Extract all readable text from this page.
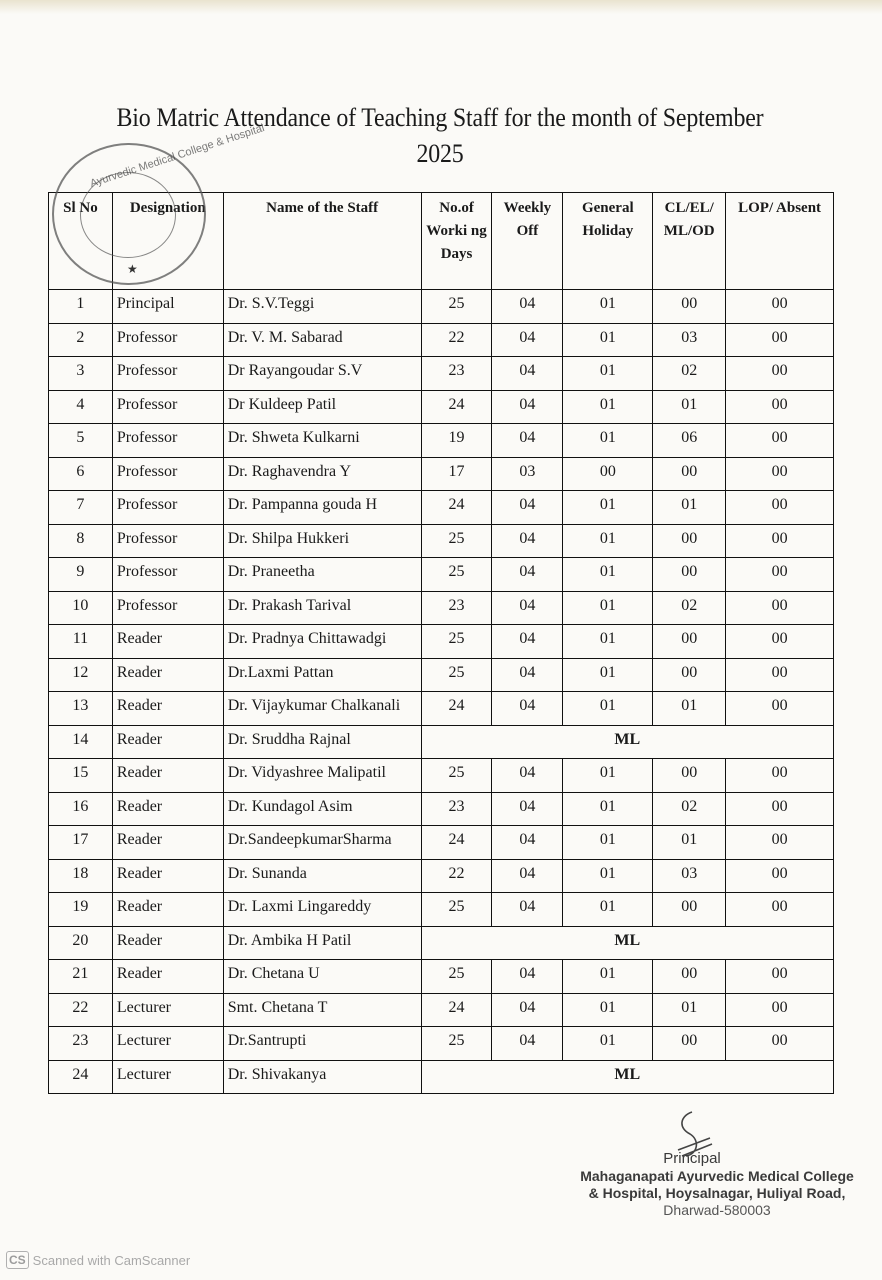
Bio Matric Attendance of Teaching Staff for the month of September
2025
Sl No	Designation	Name of the Staff	No.of Worki ng Days	Weekly Off	General Holiday	CL/EL/ ML/OD	LOP/ Absent
1	Principal	Dr. S.V.Teggi	25	04	01	00	00
2	Professor	Dr. V. M. Sabarad	22	04	01	03	00
3	Professor	Dr Rayangoudar S.V	23	04	01	02	00
4	Professor	Dr Kuldeep Patil	24	04	01	01	00
5	Professor	Dr. Shweta Kulkarni	19	04	01	06	00
6	Professor	Dr. Raghavendra Y	17	03	00	00	00
7	Professor	Dr. Pampanna gouda H	24	04	01	01	00
8	Professor	Dr. Shilpa Hukkeri	25	04	01	00	00
9	Professor	Dr. Praneetha	25	04	01	00	00
10	Professor	Dr. Prakash Tarival	23	04	01	02	00
11	Reader	Dr. Pradnya Chittawadgi	25	04	01	00	00
12	Reader	Dr.Laxmi Pattan	25	04	01	00	00
13	Reader	Dr. Vijaykumar Chalkanali	24	04	01	01	00
14	Reader	Dr. Sruddha Rajnal	ML				
15	Reader	Dr. Vidyashree Malipatil	25	04	01	00	00
16	Reader	Dr. Kundagol Asim	23	04	01	02	00
17	Reader	Dr.SandeepkumarSharma	24	04	01	01	00
18	Reader	Dr. Sunanda	22	04	01	03	00
19	Reader	Dr. Laxmi Lingareddy	25	04	01	00	00
20	Reader	Dr. Ambika H Patil	ML				
21	Reader	Dr. Chetana U	25	04	01	00	00
22	Lecturer	Smt. Chetana T	24	04	01	01	00
23	Lecturer	Dr.Santrupti	25	04	01	00	00
24	Lecturer	Dr. Shivakanya	ML				
Ayurvedic Medical College & Hospital
★
Principal
Mahaganapati Ayurvedic Medical College
& Hospital, Hoysalnagar, Huliyal Road,
Dharwad-580003
CS Scanned with CamScanner
